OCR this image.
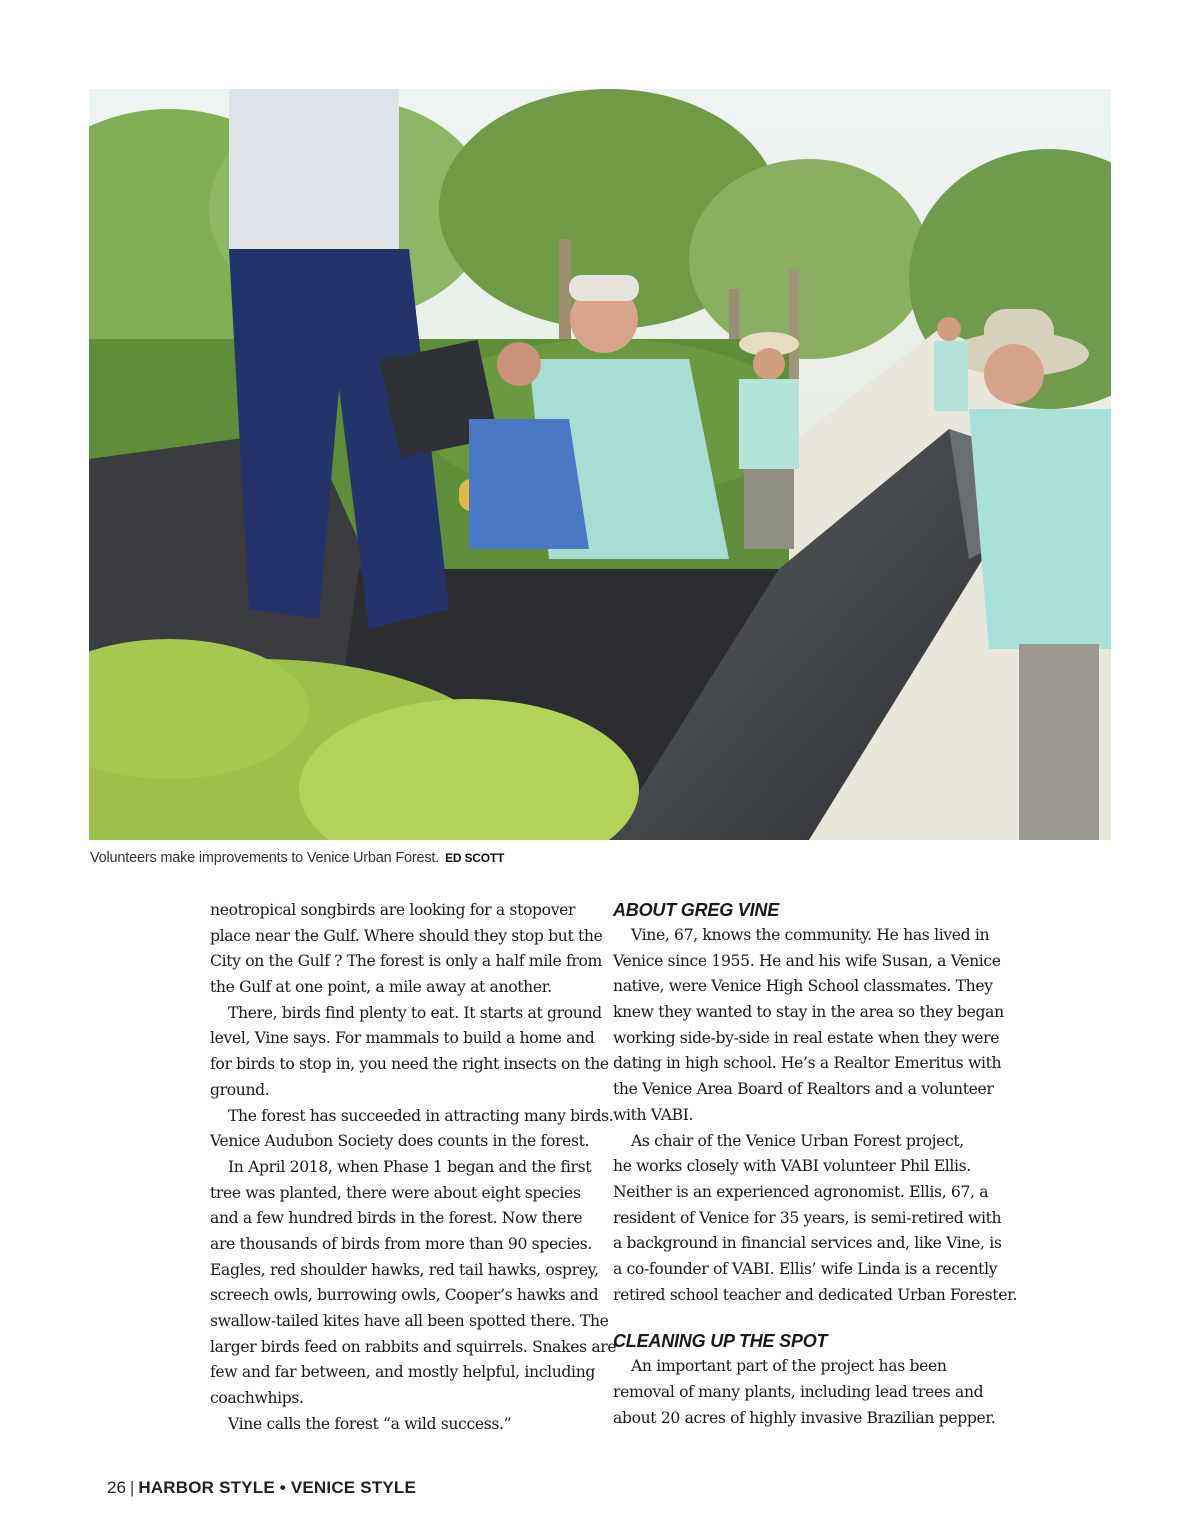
Volunteers make improvements to Venice Urban Forest. ED SCOTT
neotropical songbirds are looking for a stopover
place near the Gulf. Where should they stop but the
City on the Gulf ? The forest is only a half mile from
the Gulf at one point, a mile away at another.
There, birds find plenty to eat. It starts at ground
level, Vine says. For mammals to build a home and
for birds to stop in, you need the right insects on the
ground.
The forest has succeeded in attracting many birds.
Venice Audubon Society does counts in the forest.
In April 2018, when Phase 1 began and the first
tree was planted, there were about eight species
and a few hundred birds in the forest. Now there
are thousands of birds from more than 90 species.
Eagles, red shoulder hawks, red tail hawks, osprey,
screech owls, burrowing owls, Cooper’s hawks and
swallow-tailed kites have all been spotted there. The
larger birds feed on rabbits and squirrels. Snakes are
few and far between, and mostly helpful, including
coachwhips.
Vine calls the forest “a wild success.”
ABOUT GREG VINE
Vine, 67, knows the community. He has lived in
Venice since 1955. He and his wife Susan, a Venice
native, were Venice High School classmates. They
knew they wanted to stay in the area so they began
working side-by-side in real estate when they were
dating in high school. He’s a Realtor Emeritus with
the Venice Area Board of Realtors and a volunteer
with VABI.
As chair of the Venice Urban Forest project,
he works closely with VABI volunteer Phil Ellis.
Neither is an experienced agronomist. Ellis, 67, a
resident of Venice for 35 years, is semi-retired with
a background in financial services and, like Vine, is
a co-founder of VABI. Ellis’ wife Linda is a recently
retired school teacher and dedicated Urban Forester.
CLEANING UP THE SPOT
An important part of the project has been
removal of many plants, including lead trees and
about 20 acres of highly invasive Brazilian pepper.
26 | HARBOR STYLE • VENICE STYLE
